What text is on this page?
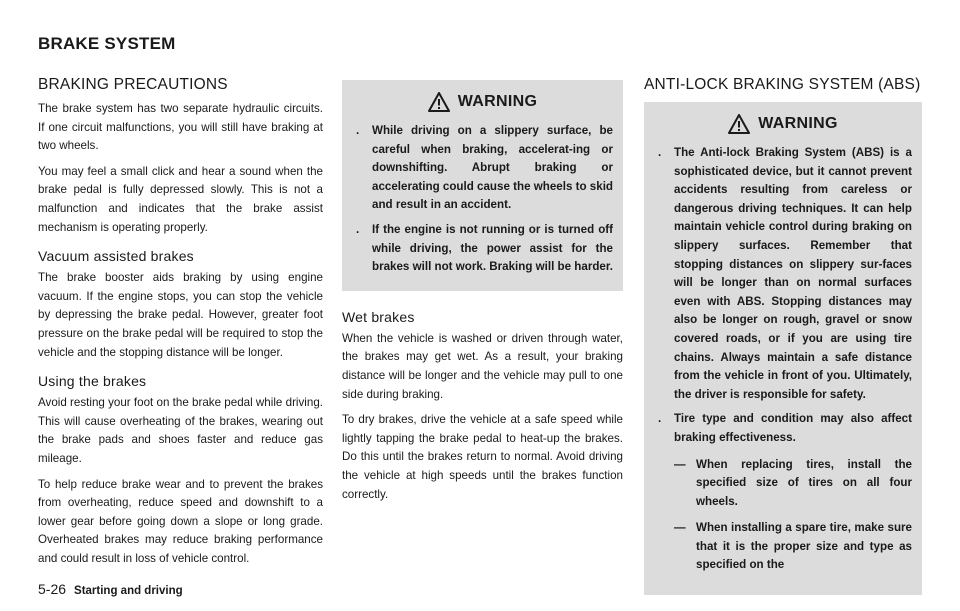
BRAKE SYSTEM
BRAKING PRECAUTIONS

The brake system has two separate hydraulic circuits. If one circuit malfunctions, you will still have braking at two wheels.

You may feel a small click and hear a sound when the brake pedal is fully depressed slowly. This is not a malfunction and indicates that the brake assist mechanism is operating properly.

Vacuum assisted brakes

The brake booster aids braking by using engine vacuum. If the engine stops, you can stop the vehicle by depressing the brake pedal. However, greater foot pressure on the brake pedal will be required to stop the vehicle and the stopping distance will be longer.

Using the brakes

Avoid resting your foot on the brake pedal while driving. This will cause overheating of the brakes, wearing out the brake pads and shoes faster and reduce gas mileage.

To help reduce brake wear and to prevent the brakes from overheating, reduce speed and downshift to a lower gear before going down a slope or long grade. Overheated brakes may reduce braking performance and could result in loss of vehicle control.

WARNING
.	While driving on a slippery surface, be careful when braking, accelerat-ing or downshifting. Abrupt braking or accelerating could cause the wheels to skid and result in an accident.
.	If the engine is not running or is turned off while driving, the power assist for the brakes will not work. Braking will be harder.
Wet brakes

When the vehicle is washed or driven through water, the brakes may get wet. As a result, your braking distance will be longer and the vehicle may pull to one side during braking.

To dry brakes, drive the vehicle at a safe speed while lightly tapping the brake pedal to heat-up the brakes. Do this until the brakes return to normal. Avoid driving the vehicle at high speeds until the brakes function correctly.

ANTI-LOCK BRAKING SYSTEM (ABS)
WARNING
.	The Anti-lock Braking System (ABS) is a sophisticated device, but it cannot prevent accidents resulting from careless or dangerous driving techniques. It can help maintain vehicle control during braking on slippery surfaces. Remember that stopping distances on slippery sur-faces will be longer than on normal surfaces even with ABS. Stopping distances may also be longer on rough, gravel or snow covered roads, or if you are using tire chains. Always maintain a safe distance from the vehicle in front of you. Ultimately, the driver is responsible for safety.
.	Tire type and condition may also affect braking effectiveness.
— When replacing tires, install the specified size of tires on all four wheels.
— When installing a spare tire, make sure that it is the proper size and type as specified on the
5-26 Starting and driving
